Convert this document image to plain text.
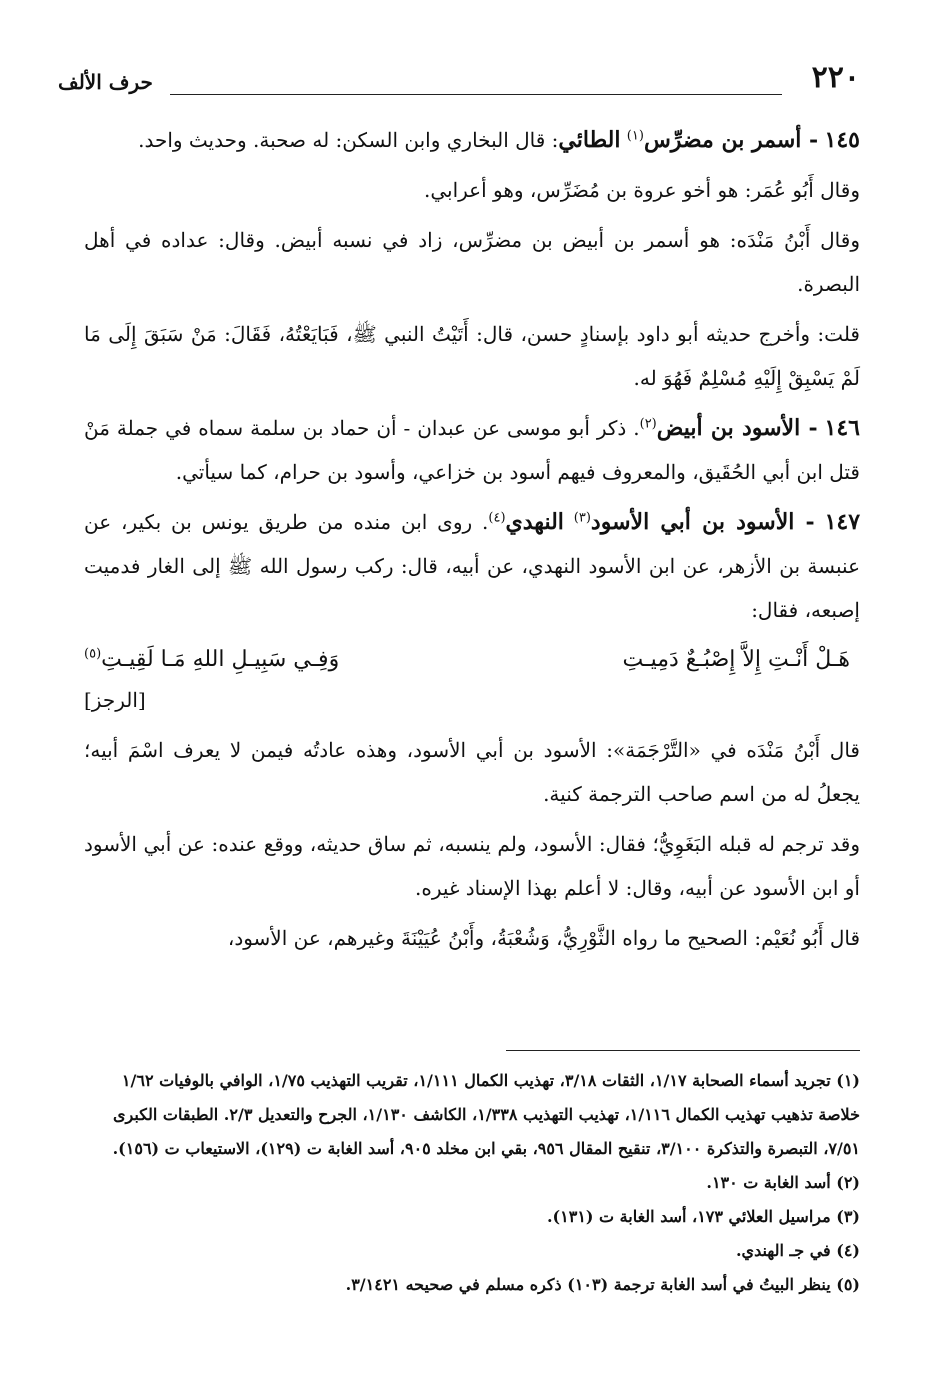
٢٢٠
حرف الألف

١٤٥ - أسمر بن مضرِّس$^{(١)}$ الطائي: قال البخاري وابن السكن: له صحبة. وحديث واحد.

وقال أَبُو عُمَر: هو أخو عروة بن مُضَرِّس، وهو أعرابي.

وقال أَبْنُ مَنْدَه: هو أسمر بن أبيض بن مضرِّس، زاد في نسبه أبيض. وقال: عداده في أهل البصرة.

قلت: وأخرج حديثه أبو داود بإسنادٍ حسن، قال: أَتَيْتُ النبي ﷺ، فَبَايَعْتُهُ، فَقَالَ: مَنْ سَبَقَ إِلَى مَا لَمْ يَسْبِقْ إِلَيْهِ مُسْلِمٌ فَهُوَ له.

١٤٦ - الأسود بن أبيض$^{(٢)}$. ذكر أبو موسى عن عبدان - أن حماد بن سلمة سماه في جملة مَنْ قتل ابن أبي الحُقَيق، والمعروف فيهم أسود بن خزاعي، وأسود بن حرام، كما سيأتي.

١٤٧ - الأسود بن أبي الأسود$^{(٣)}$ النهدي$^{(٤)}$. روى ابن منده من طريق يونس بن بكير، عن عنبسة بن الأزهر، عن ابن الأسود النهدي، عن أبيه، قال: ركب رسول الله ﷺ إلى الغار فدميت إصبعه، فقال:

هَـلْ أَنْـتِ إِلاَّ إِصْبُـعٌ دَمِيـتِ
وَفِـي سَبِيـلِ اللهِ مَـا لَقِيـتِ$^{(٥)}$
[الرجز]

قال أَبْنُ مَنْدَه في «التَّرْجَمَة»: الأسود بن أبي الأسود، وهذه عادتُه فيمن لا يعرف اسْمَ أبيه؛ يجعلُ له من اسم صاحب الترجمة كنية.

وقد ترجم له قبله البَغَوِيُّ؛ فقال: الأسود، ولم ينسبه، ثم ساق حديثه، ووقع عنده: عن أبي الأسود أو ابن الأسود عن أبيه، وقال: لا أعلم بهذا الإسناد غيره.

قال أَبُو نُعَيْم: الصحيح ما رواه الثَّوْرِيُّ، وَشُعْبَةُ، وأَبْنُ عُيَيْنَةَ وغيرهم، عن الأسود،

(١) تجريد أسماء الصحابة ١/١٧، الثقات ٣/١٨، تهذيب الكمال ١/١١١، تقريب التهذيب ١/٧٥، الوافي بالوفيات ١/٦٢ خلاصة تذهيب تهذيب الكمال ١/١١٦، تهذيب التهذيب ١/٣٣٨، الكاشف ١/١٣٠، الجرح والتعديل ٢/٣. الطبقات الكبرى ٧/٥١، التبصرة والتذكرة ٣/١٠٠، تنقيح المقال ٩٥٦، بقي ابن مخلد ٩٠٥، أسد الغابة ت (١٢٩)، الاستيعاب ت (١٥٦).

(٢) أسد الغابة ت ١٣٠.

(٣) مراسيل العلائي ١٧٣، أسد الغابة ت (١٣١).

(٤) في جـ الهندي.

(٥) ينظر البيتُ في أسد الغابة ترجمة (١٠٣) ذكره مسلم في صحيحه ٣/١٤٢١.
